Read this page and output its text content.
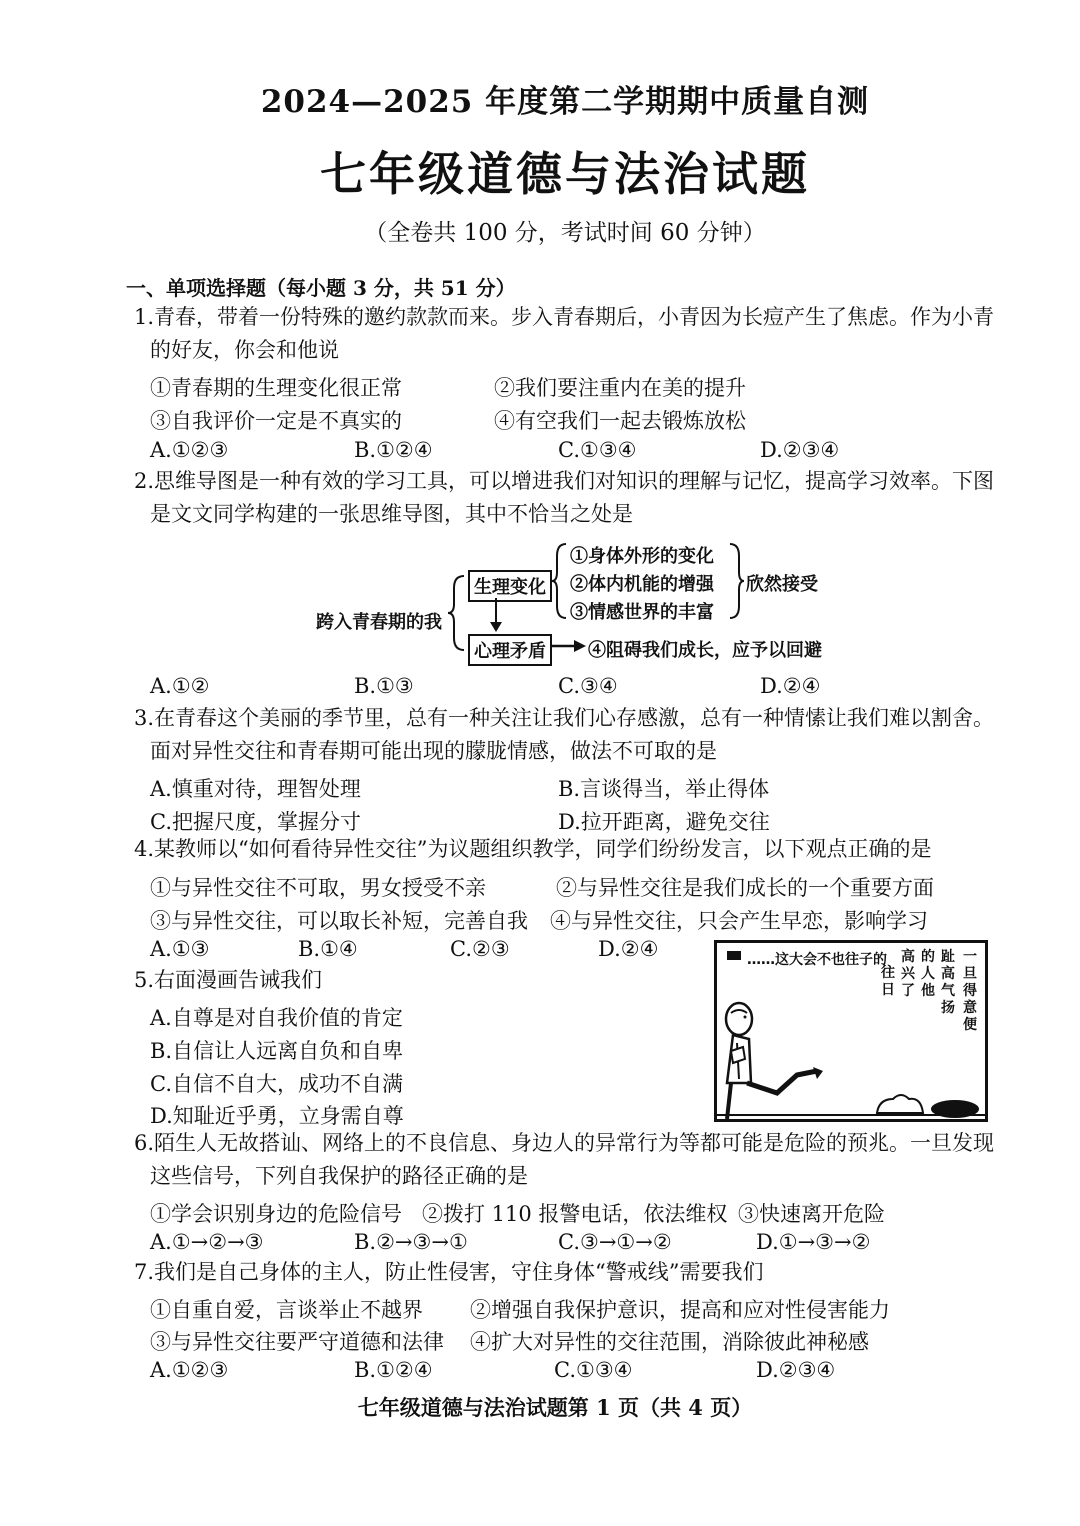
2024—2025 年度第二学期期中质量自测
七年级道德与法治试题
（全卷共 100 分，考试时间 60 分钟）
一、单项选择题（每小题 3 分，共 51 分）
1.青春，带着一份特殊的邀约款款而来。步入青春期后，小青因为长痘产生了焦虑。作为小青
的好友，你会和他说
①青春期的生理变化很正常	②我们要注重内在美的提升
③自我评价一定是不真实的	④有空我们一起去锻炼放松
A.①②③	B.①②④	C.①③④	D.②③④
2.思维导图是一种有效的学习工具，可以增进我们对知识的理解与记忆，提高学习效率。下图
是文文同学构建的一张思维导图，其中不恰当之处是
跨入青春期的我
生理变化
心理矛盾
①身体外形的变化
②体内机能的增强
③情感世界的丰富
欣然接受
④阻碍我们成长，应予以回避
A.①②	B.①③	C.③④	D.②④
3.在青春这个美丽的季节里，总有一种关注让我们心存感激，总有一种情愫让我们难以割舍。
面对异性交往和青春期可能出现的朦胧情感，做法不可取的是
A.慎重对待，理智处理	B.言谈得当，举止得体
C.把握尺度，掌握分寸	D.拉开距离，避免交往
4.某教师以“如何看待异性交往”为议题组织教学，同学们纷纷发言，以下观点正确的是
①与异性交往不可取，男女授受不亲	②与异性交往是我们成长的一个重要方面
③与异性交往，可以取长补短，完善自我 ④与异性交往，只会产生早恋，影响学习
A.①③	B.①④	C.②③	D.②④
5.右面漫画告诫我们
A.自尊是对自我价值的肯定
B.自信让人远离自负和自卑
C.自信不自大，成功不自满
D.知耻近乎勇，立身需自尊
……这大会不也往子的
往日
高兴了
的人他
趾高气扬
一旦得意便
6.陌生人无故搭讪、网络上的不良信息、身边人的异常行为等都可能是危险的预兆。一旦发现
这些信号，下列自我保护的路径正确的是
①学会识别身边的危险信号 ②拨打 110 报警电话，依法维权 ③快速离开危险
A.①→②→③	B.②→③→①	C.③→①→②	D.①→③→②
7.我们是自己身体的主人，防止性侵害，守住身体“警戒线”需要我们
①自重自爱，言谈举止不越界 ②增强自我保护意识，提高和应对性侵害能力
③与异性交往要严守道德和法律 ④扩大对异性的交往范围，消除彼此神秘感
A.①②③	B.①②④	C.①③④	D.②③④
七年级道德与法治试题第 1 页（共 4 页）
